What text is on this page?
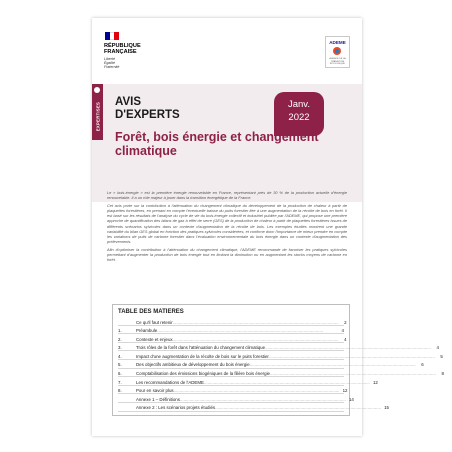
RÉPUBLIQUE
FRANÇAISE
Liberté
Égalité
Fraternité
ADEME
AGENCE DE LA TRANSITION ÉCOLOGIQUE
EXPERTISES AVIS
D'EXPERTS
Janv.
2022
Forêt, bois énergie et changement climatique

Le « bois-énergie » est la première énergie renouvelable en France, représentant près de 30 % de la production actuelle d'énergie renouvelable. Il a un rôle majeur à jouer dans la transition énergétique de la France.

Cet avis porte sur la contribution à l'atténuation du changement climatique du développement de la production de chaleur à partir de plaquettes forestières, en prenant en compte l'éventuelle baisse du puits forestier liée à une augmentation de la récolte de bois en forêt. Il est basé sur les résultats de l'analyse du cycle de vie du bois-énergie collectif et industriel publiée par l'ADEME, qui propose une première approche de quantification des bilans de gaz à effet de serre (GES) de la production de chaleur à partir de plaquettes forestières issues de différents scénarios sylvicoles dans un contexte d'augmentation de la récolte de bois. Les exemples étudiés montrent une grande variabilité du bilan GES global en fonction des pratiques sylvicoles considérées, et confirme donc l'importance de mieux prendre en compte les variations de puits de carbone forestier dans l'évaluation environnementale du bois énergie dans un contexte d'augmentation des prélèvements.

Afin d'optimiser la contribution à l'atténuation du changement climatique, l'ADEME recommande de favoriser les pratiques sylvicoles permettant d'augmenter la production de bois énergie tout en limitant la diminution ou en augmentant les stocks moyens de carbone en forêt.

TABLE DES MATIERES
Ce qu'il faut retenir ........................................................................................................................................	2
1.	Préambule ........................................................................................................................................	4
2.	Contexte et enjeux ........................................................................................................................................	4
3.	Trois rôles de la forêt dans l'atténuation du changement climatique ........................................................................................................................................	4
4.	Impact d'une augmentation de la récolte de bois sur le puits forestier ........................................................................................................................................	5
5.	Des objectifs ambitieux de développement du bois énergie ........................................................................................................................................	6
6.	Comptabilisation des émissions biogéniques de la filière bois énergie ........................................................................................................................................	8
7.	Les recommandations de l'ADEME ........................................................................................................................................ 12
8.	Pour en savoir plus ........................................................................................................................................ 12
Annexe 1 – Définitions ........................................................................................................................................ 14
Annexe 2 : Les scénarios projets étudiés ........................................................................................................................................ 15
